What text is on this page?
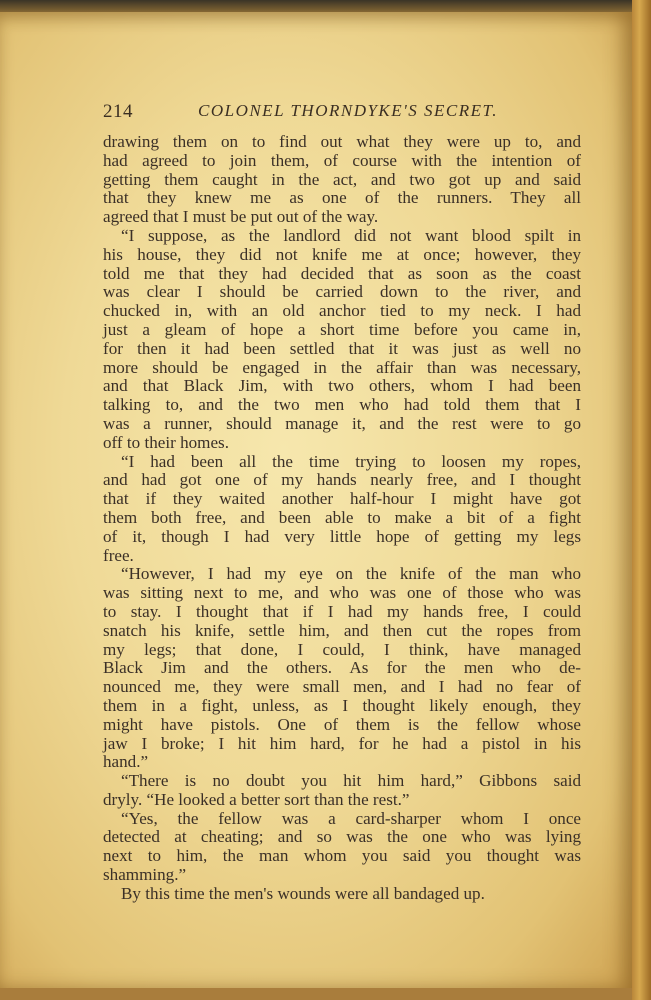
214	COLONEL THORNDYKE'S SECRET.
drawing them on to find out what they were up to, and
had agreed to join them, of course with the intention of
getting them caught in the act, and two got up and said
that they knew me as one of the runners. They all
agreed that I must be put out of the way.
“I suppose, as the landlord did not want blood spilt in
his house, they did not knife me at once; however, they
told me that they had decided that as soon as the coast
was clear I should be carried down to the river, and
chucked in, with an old anchor tied to my neck. I had
just a gleam of hope a short time before you came in,
for then it had been settled that it was just as well no
more should be engaged in the affair than was necessary,
and that Black Jim, with two others, whom I had been
talking to, and the two men who had told them that I
was a runner, should manage it, and the rest were to go
off to their homes.
“I had been all the time trying to loosen my ropes,
and had got one of my hands nearly free, and I thought
that if they waited another half-hour I might have got
them both free, and been able to make a bit of a fight
of it, though I had very little hope of getting my legs
free.
“However, I had my eye on the knife of the man who
was sitting next to me, and who was one of those who was
to stay. I thought that if I had my hands free, I could
snatch his knife, settle him, and then cut the ropes from
my legs; that done, I could, I think, have managed
Black Jim and the others. As for the men who de-
nounced me, they were small men, and I had no fear of
them in a fight, unless, as I thought likely enough, they
might have pistols. One of them is the fellow whose
jaw I broke; I hit him hard, for he had a pistol in his
hand.”
“There is no doubt you hit him hard,” Gibbons said
dryly. “He looked a better sort than the rest.”
“Yes, the fellow was a card-sharper whom I once
detected at cheating; and so was the one who was lying
next to him, the man whom you said you thought was
shamming.”
By this time the men's wounds were all bandaged up.
